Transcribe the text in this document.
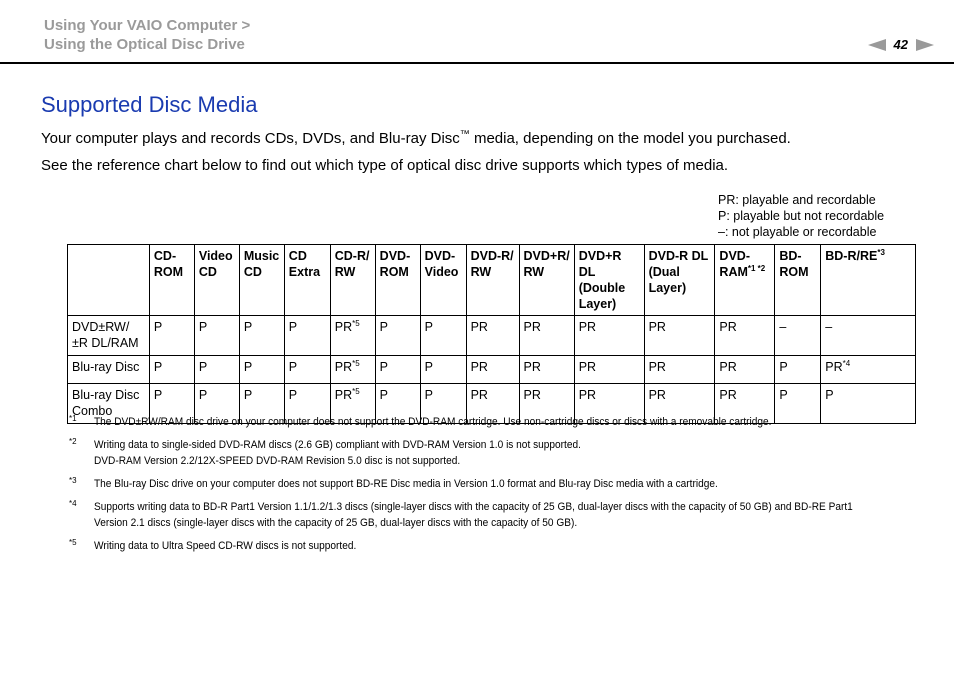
Using Your VAIO Computer >
Using the Optical Disc Drive	42
Supported Disc Media
Your computer plays and records CDs, DVDs, and Blu-ray Disc™ media, depending on the model you purchased.
See the reference chart below to find out which type of optical disc drive supports which types of media.
PR: playable and recordable
P: playable but not recordable
–: not playable or recordable
	CD-
ROM	Video
CD	Music
CD	CD
Extra	CD-R/
RW	DVD-
ROM	DVD-
Video	DVD-R/
RW	DVD+R/
RW	DVD+R DL
(Double
Layer)	DVD-R DL
(Dual
Layer)	DVD-
$RAM^{*1 *2}$	BD-
ROM	BD-R/RE$^{*3}$
DVD±RW/
±R DL/RAM	P	P	P	P	PR$^{*5}$	P	P	PR	PR	PR	PR	PR	–	–
Blu-ray Disc	P	P	P	P	PR$^{*5}$	P	P	PR	PR	PR	PR	PR	P	PR$^{*4}$
Blu-ray Disc
Combo	P	P	P	P	PR$^{*5}$	P	P	PR	PR	PR	PR	PR	P	P
*1	The DVD±RW/RAM disc drive on your computer does not support the DVD-RAM cartridge. Use non-cartridge discs or discs with a removable cartridge.
*2	Writing data to single-sided DVD-RAM discs (2.6 GB) compliant with DVD-RAM Version 1.0 is not supported.
DVD-RAM Version 2.2/12X-SPEED DVD-RAM Revision 5.0 disc is not supported.
*3	The Blu-ray Disc drive on your computer does not support BD-RE Disc media in Version 1.0 format and Blu-ray Disc media with a cartridge.
*4	Supports writing data to BD-R Part1 Version 1.1/1.2/1.3 discs (single-layer discs with the capacity of 25 GB, dual-layer discs with the capacity of 50 GB) and BD-RE Part1 Version 2.1 discs (single-layer discs with the capacity of 25 GB, dual-layer discs with the capacity of 50 GB).
*5	Writing data to Ultra Speed CD-RW discs is not supported.
